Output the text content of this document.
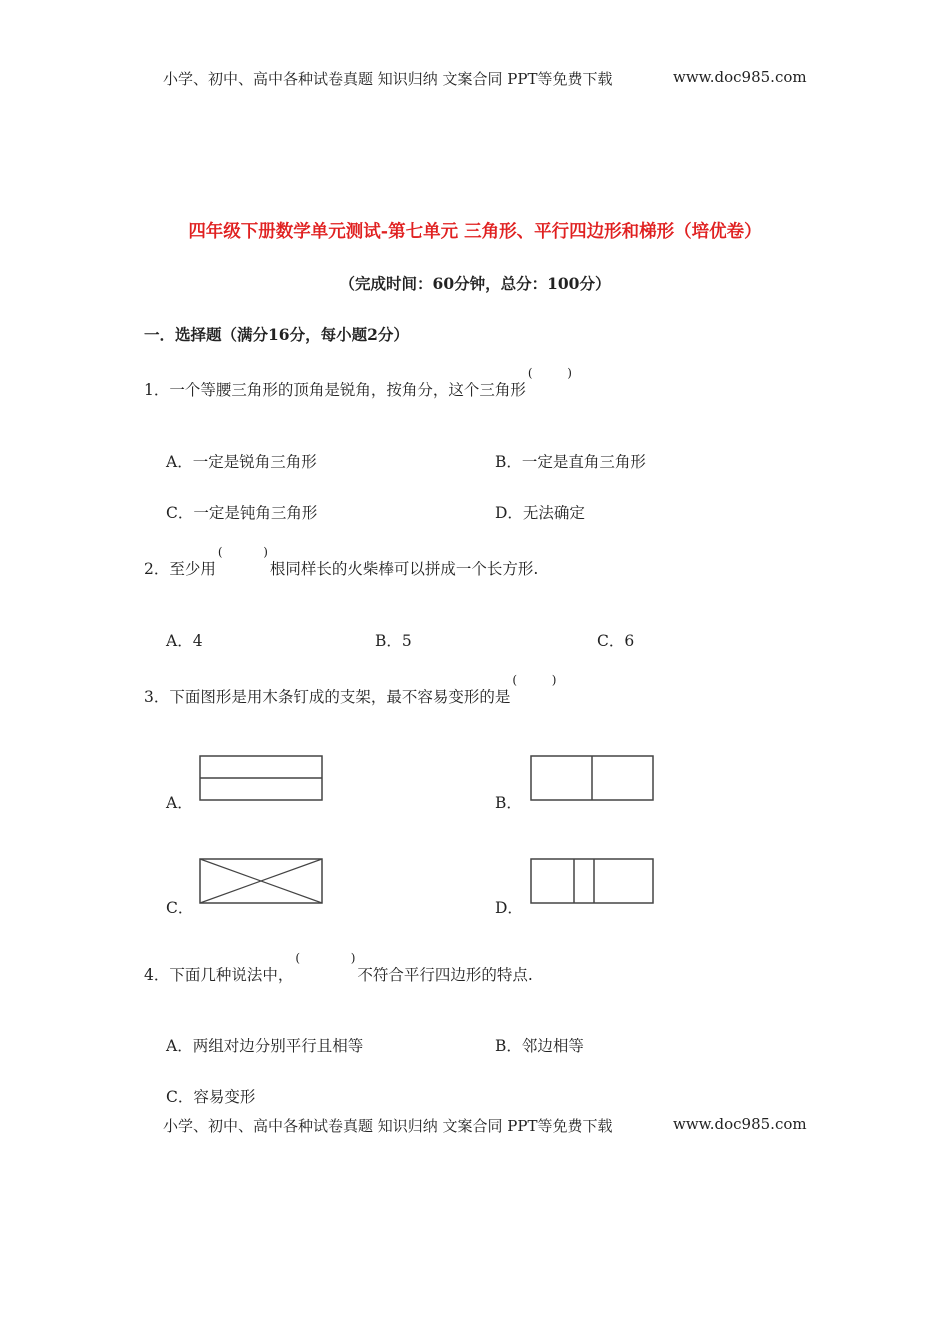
小学、初中、高中各种试卷真题 知识归纳 文案合同 PPT等免费下载	www.doc985.com
四年级下册数学单元测试-第七单元 三角形、平行四边形和梯形（培优卷）
（完成时间：60分钟，总分：100分）
一．选择题（满分16分，每小题2分）
1．一个等腰三角形的顶角是锐角，按角分，这个三角形
(	)
A．一定是锐角三角形	B．一定是直角三角形
C．一定是钝角三角形	D．无法确定
2．至少用
(	)
根同样长的火柴棒可以拼成一个长方形.
A．4	B．5	C．6
3．下面图形是用木条钉成的支架，最不容易变形的是
(	)
A．	B．
C．	D．
4．下面几种说法中，
(	)
不符合平行四边形的特点.
A．两组对边分别平行且相等	B．邻边相等
C．容易变形
小学、初中、高中各种试卷真题 知识归纳 文案合同 PPT等免费下载	www.doc985.com
